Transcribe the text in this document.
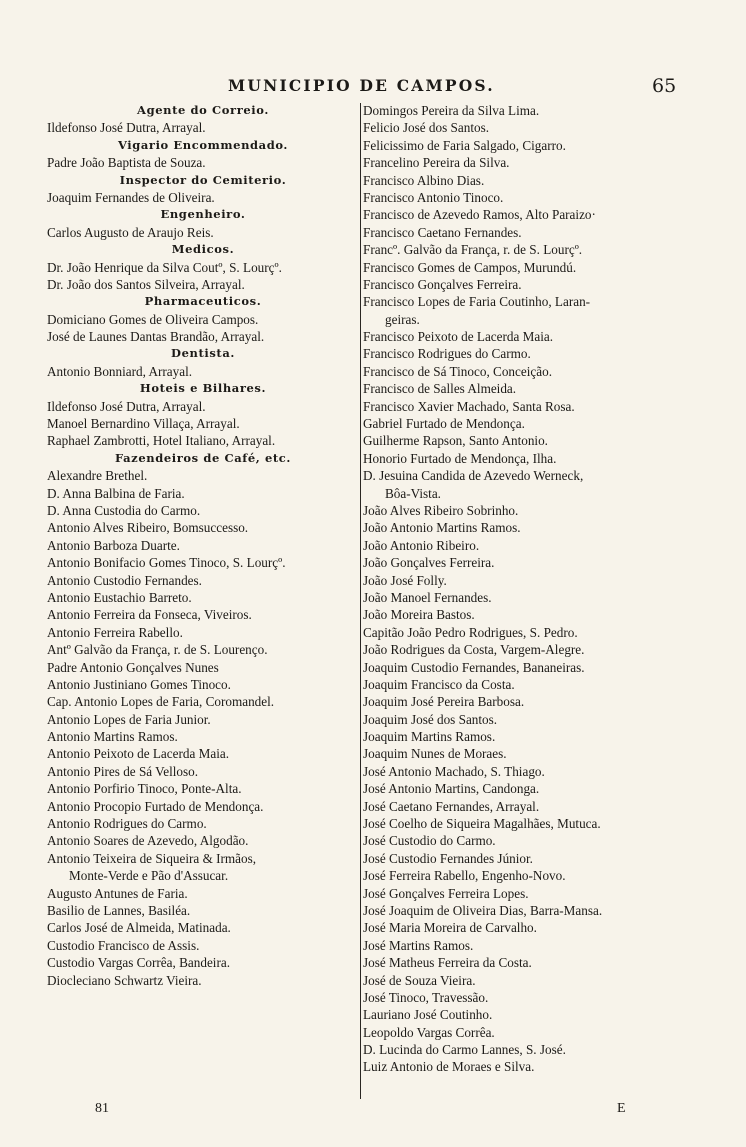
MUNICIPIO DE CAMPOS.	65
Agente do Correio.
Ildefonso José Dutra, Arrayal.
Vigario Encommendado.
Padre João Baptista de Souza.
Inspector do Cemiterio.
Joaquim Fernandes de Oliveira.
Engenheiro.
Carlos Augusto de Araujo Reis.
Medicos.
Dr. João Henrique da Silva Coutº, S. Lourçº.
Dr. João dos Santos Silveira, Arrayal.
Pharmaceuticos.
Domiciano Gomes de Oliveira Campos.
José de Launes Dantas Brandão, Arrayal.
Dentista.
Antonio Bonniard, Arrayal.
Hoteis e Bilhares.
Ildefonso José Dutra, Arrayal.
Manoel Bernardino Villaça, Arrayal.
Raphael Zambrotti, Hotel Italiano, Arrayal.
Fazendeiros de Café, etc.
Alexandre Brethel.
D. Anna Balbina de Faria.
D. Anna Custodia do Carmo.
Antonio Alves Ribeiro, Bomsuccesso.
Antonio Barboza Duarte.
Antonio Bonifacio Gomes Tinoco, S. Lourçº.
Antonio Custodio Fernandes.
Antonio Eustachio Barreto.
Antonio Ferreira da Fonseca, Viveiros.
Antonio Ferreira Rabello.
Antº Galvão da França, r. de S. Lourenço.
Padre Antonio Gonçalves Nunes
Antonio Justiniano Gomes Tinoco.
Cap. Antonio Lopes de Faria, Coromandel.
Antonio Lopes de Faria Junior.
Antonio Martins Ramos.
Antonio Peixoto de Lacerda Maia.
Antonio Pires de Sá Velloso.
Antonio Porfirio Tinoco, Ponte-Alta.
Antonio Procopio Furtado de Mendonça.
Antonio Rodrigues do Carmo.
Antonio Soares de Azevedo, Algodão.
Antonio Teixeira de Siqueira & Irmãos,
Monte-Verde e Pão d'Assucar.
Augusto Antunes de Faria.
Basilio de Lannes, Basiléa.
Carlos José de Almeida, Matinada.
Custodio Francisco de Assis.
Custodio Vargas Corrêa, Bandeira.
Diocleciano Schwartz Vieira.
Domingos Pereira da Silva Lima.
Felicio José dos Santos.
Felicissimo de Faria Salgado, Cigarro.
Francelino Pereira da Silva.
Francisco Albino Dias.
Francisco Antonio Tinoco.
Francisco de Azevedo Ramos, Alto Paraizo·
Francisco Caetano Fernandes.
Francº. Galvão da França, r. de S. Lourçº.
Francisco Gomes de Campos, Murundú.
Francisco Gonçalves Ferreira.
Francisco Lopes de Faria Coutinho, Laran-
geiras.
Francisco Peixoto de Lacerda Maia.
Francisco Rodrigues do Carmo.
Francisco de Sá Tinoco, Conceição.
Francisco de Salles Almeida.
Francisco Xavier Machado, Santa Rosa.
Gabriel Furtado de Mendonça.
Guilherme Rapson, Santo Antonio.
Honorio Furtado de Mendonça, Ilha.
D. Jesuina Candida de Azevedo Werneck,
Bôa-Vista.
João Alves Ribeiro Sobrinho.
João Antonio Martins Ramos.
João Antonio Ribeiro.
João Gonçalves Ferreira.
João José Folly.
João Manoel Fernandes.
João Moreira Bastos.
Capitão João Pedro Rodrigues, S. Pedro.
João Rodrigues da Costa, Vargem-Alegre.
Joaquim Custodio Fernandes, Bananeiras.
Joaquim Francisco da Costa.
Joaquim José Pereira Barbosa.
Joaquim José dos Santos.
Joaquim Martins Ramos.
Joaquim Nunes de Moraes.
José Antonio Machado, S. Thiago.
José Antonio Martins, Candonga.
José Caetano Fernandes, Arrayal.
José Coelho de Siqueira Magalhães, Mutuca.
José Custodio do Carmo.
José Custodio Fernandes Júnior.
José Ferreira Rabello, Engenho-Novo.
José Gonçalves Ferreira Lopes.
José Joaquim de Oliveira Dias, Barra-Mansa.
José Maria Moreira de Carvalho.
José Martins Ramos.
José Matheus Ferreira da Costa.
José de Souza Vieira.
José Tinoco, Travessão.
Lauriano José Coutinho.
Leopoldo Vargas Corrêa.
D. Lucinda do Carmo Lannes, S. José.
Luiz Antonio de Moraes e Silva.
81	E
